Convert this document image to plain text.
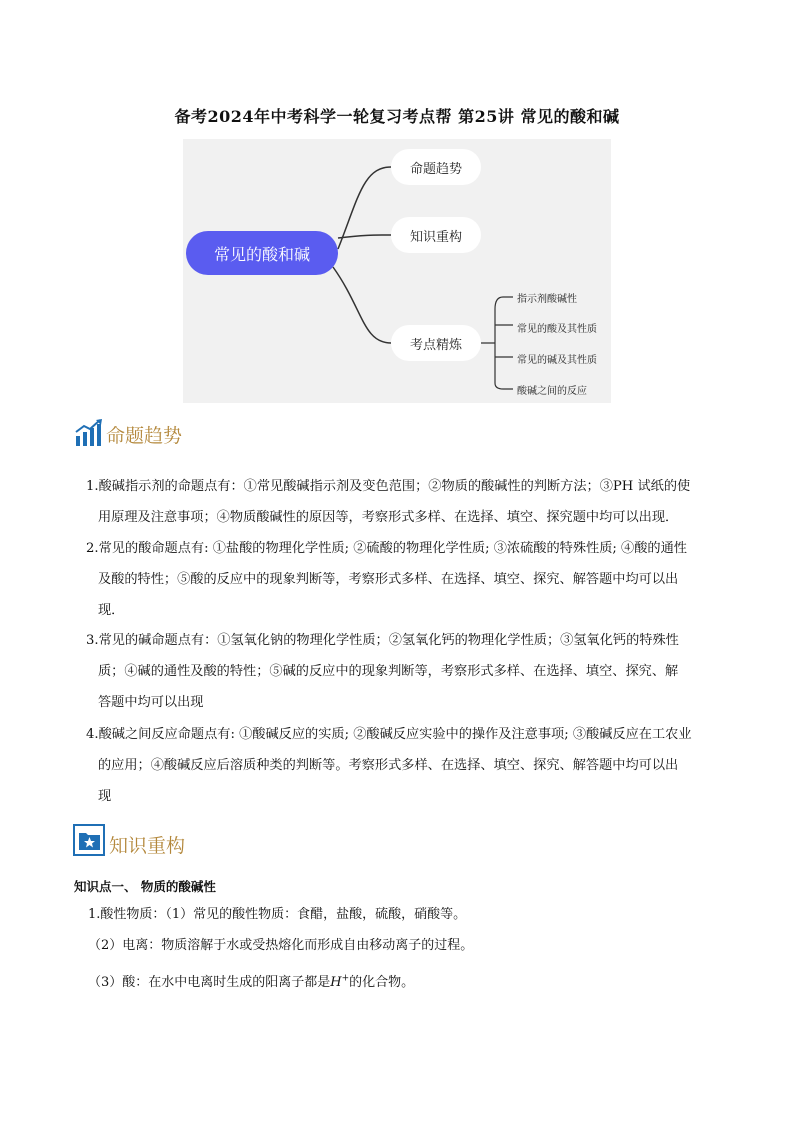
备考2024年中考科学一轮复习考点帮 第25讲 常见的酸和碱
常见的酸和碱
命题趋势
知识重构
考点精炼
指示剂酸碱性
常见的酸及其性质
常见的碱及其性质
酸碱之间的反应
命题趋势
1.酸碱指示剂的命题点有：①常见酸碱指示剂及变色范围；②物质的酸碱性的判断方法；③PH 试纸的使
用原理及注意事项；④物质酸碱性的原因等，考察形式多样、在选择、填空、探究题中均可以出现．
2.常见的酸命题点有: ①盐酸的物理化学性质; ②硫酸的物理化学性质; ③浓硫酸的特殊性质; ④酸的通性
及酸的特性；⑤酸的反应中的现象判断等，考察形式多样、在选择、填空、探究、解答题中均可以出
现．
3.常见的碱命题点有：①氢氧化钠的物理化学性质；②氢氧化钙的物理化学性质；③氢氧化钙的特殊性
质；④碱的通性及酸的特性；⑤碱的反应中的现象判断等，考察形式多样、在选择、填空、探究、解
答题中均可以出现
4.酸碱之间反应命题点有: ①酸碱反应的实质; ②酸碱反应实验中的操作及注意事项; ③酸碱反应在工农业
的应用；④酸碱反应后溶质种类的判断等。考察形式多样、在选择、填空、探究、解答题中均可以出
现
知识重构
知识点一、 物质的酸碱性
1.酸性物质：（1）常见的酸性物质：食醋，盐酸，硫酸，硝酸等。
（2）电离：物质溶解于水或受热熔化而形成自由移动离子的过程。
（3）酸：在水中电离时生成的阳离子都是H+的化合物。
